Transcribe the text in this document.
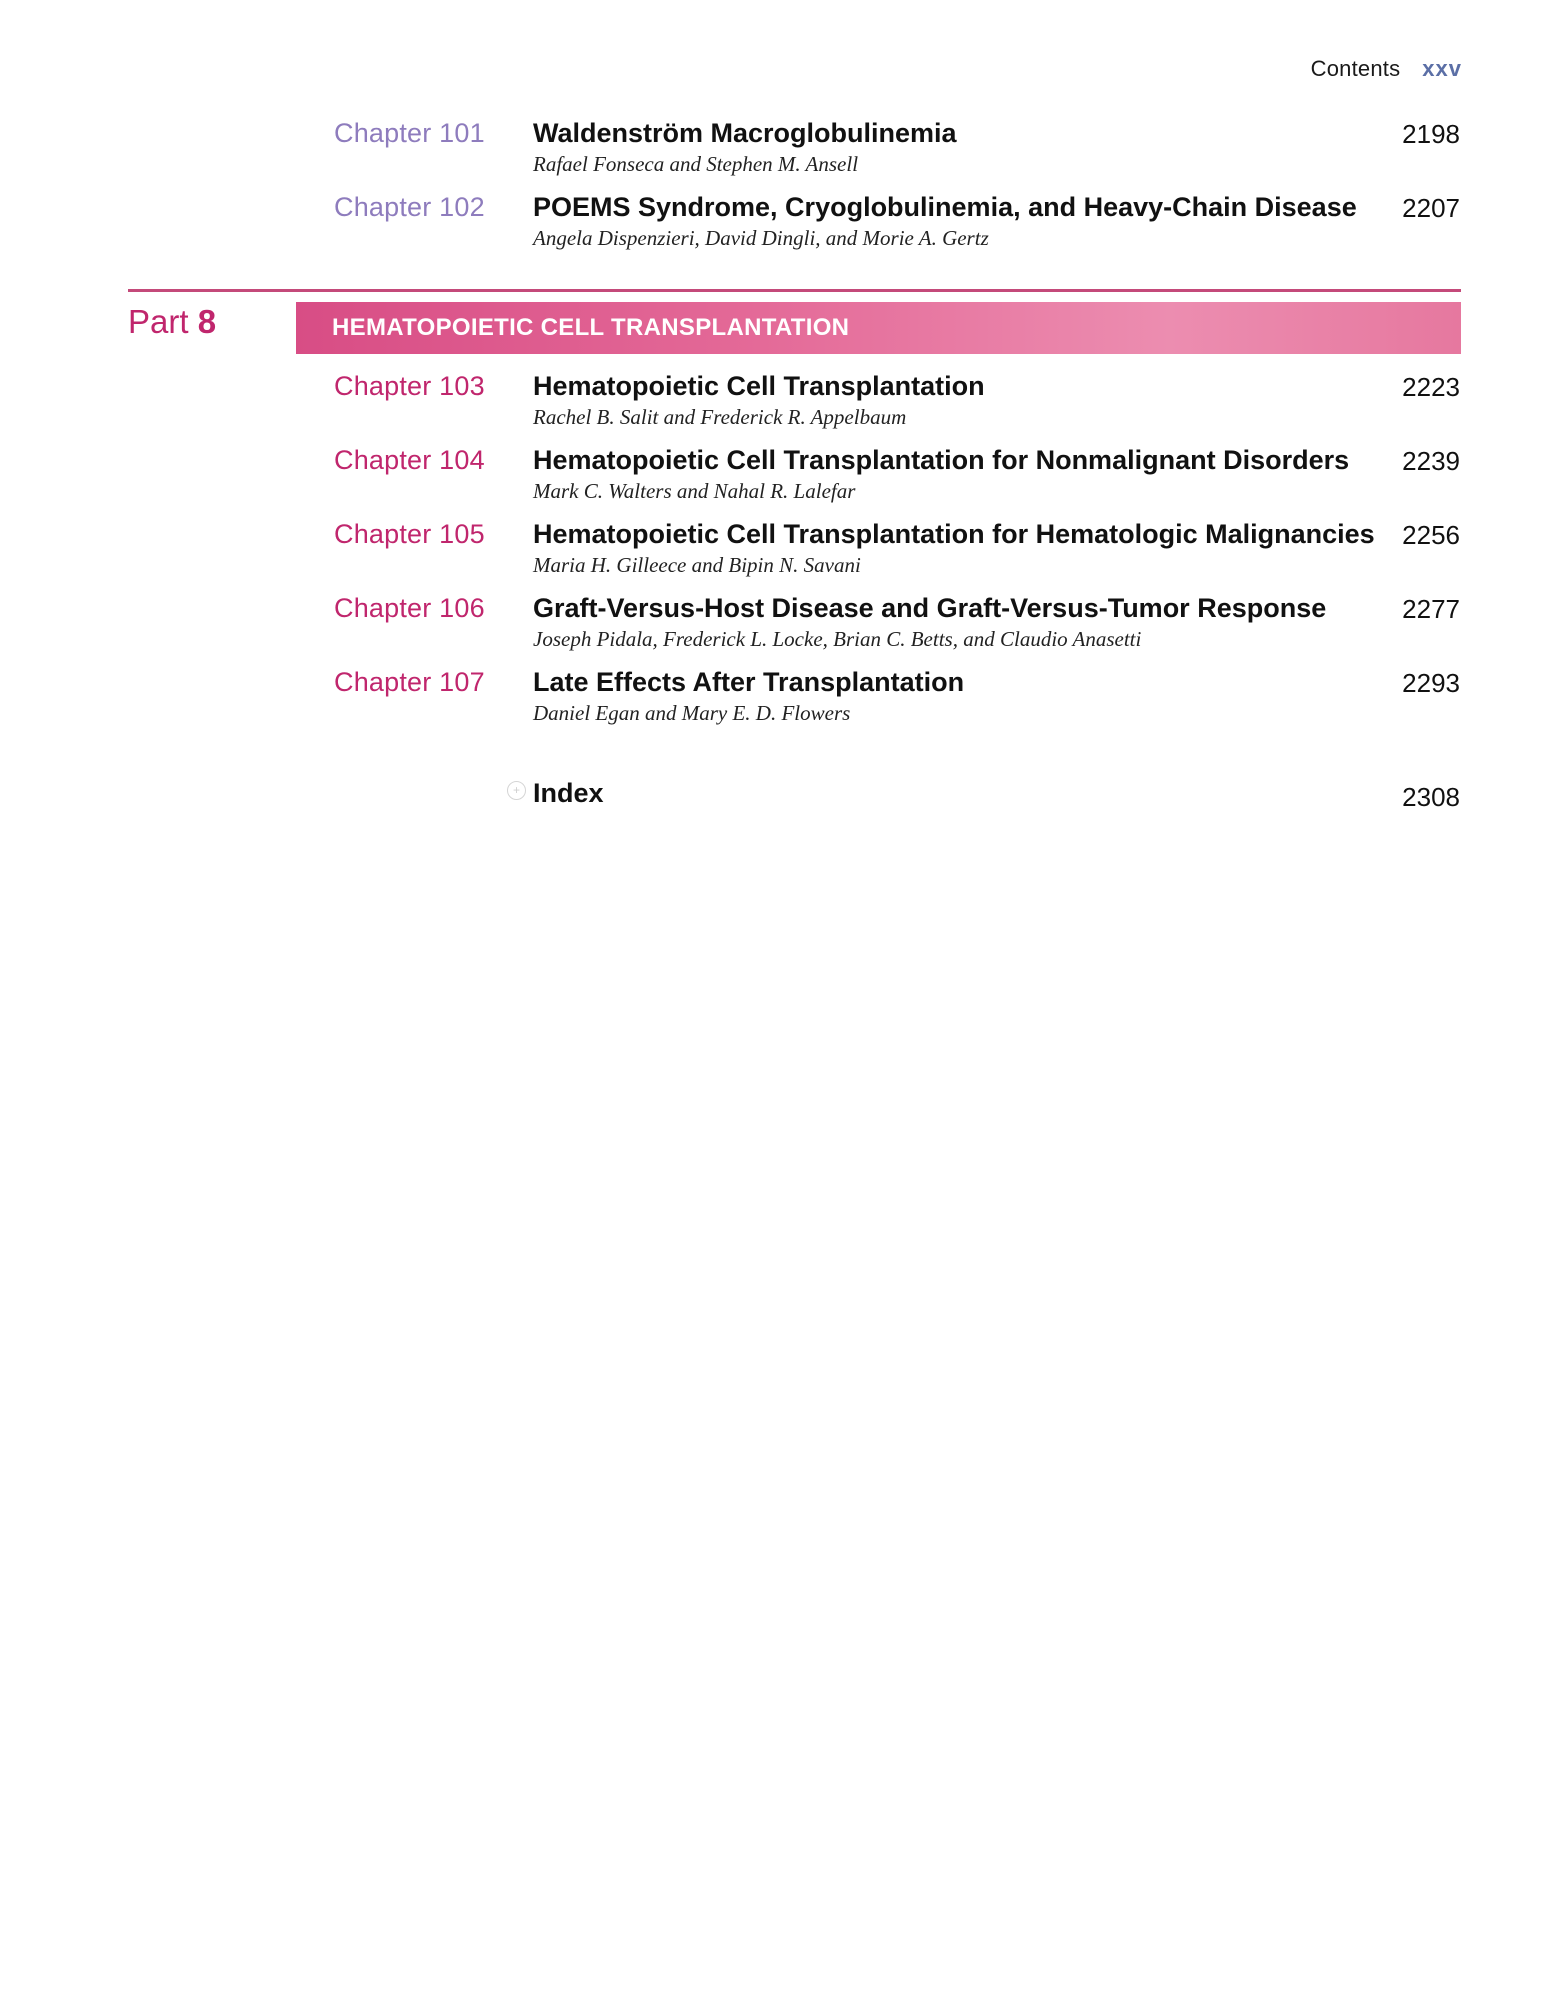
Contents xxv
Chapter 101 Waldenström Macroglobulinemia
Rafael Fonseca and Stephen M. Ansell
2198
Chapter 102 POEMS Syndrome, Cryoglobulinemia, and Heavy-Chain Disease
Angela Dispenzieri, David Dingli, and Morie A. Gertz
2207
Part 8	HEMATOPOIETIC CELL TRANSPLANTATION
Chapter 103 Hematopoietic Cell Transplantation
Rachel B. Salit and Frederick R. Appelbaum
2223
Chapter 104 Hematopoietic Cell Transplantation for Nonmalignant Disorders
Mark C. Walters and Nahal R. Lalefar
2239
Chapter 105 Hematopoietic Cell Transplantation for Hematologic Malignancies
Maria H. Gilleece and Bipin N. Savani
2256
Chapter 106 Graft-Versus-Host Disease and Graft-Versus-Tumor Response
Joseph Pidala, Frederick L. Locke, Brian C. Betts, and Claudio Anasetti
2277
Chapter 107 Late Effects After Transplantation
Daniel Egan and Mary E. D. Flowers
2293
+ Index	2308
